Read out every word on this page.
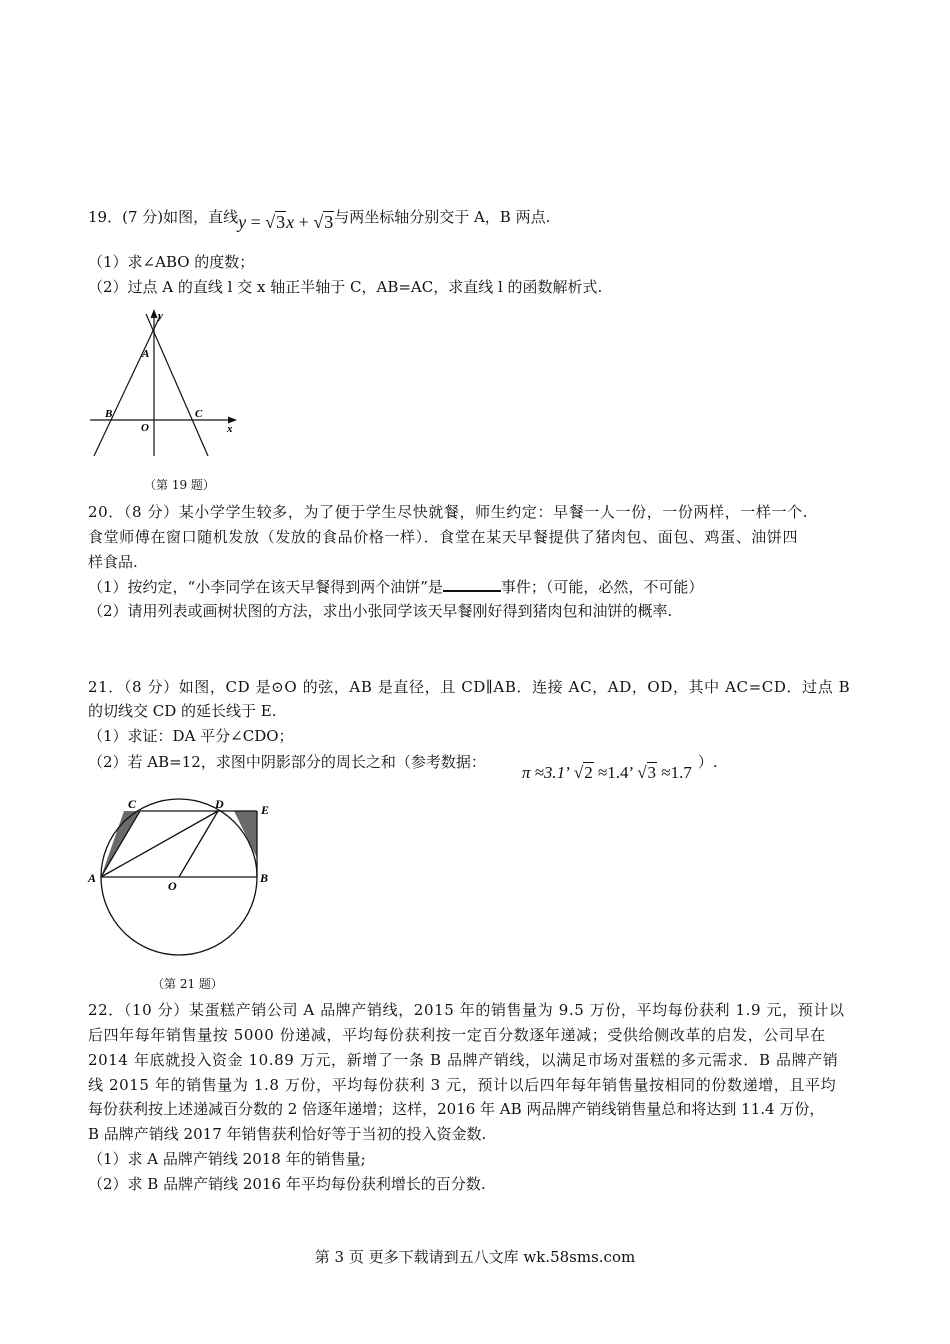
19．(7 分)如图，直线y = √3x + √3与两坐标轴分别交于 A，B 两点.
（1）求∠ABO 的度数；
（2）过点 A 的直线 l 交 x 轴正半轴于 C，AB=AC，求直线 l 的函数解析式.
y
A
B	C
O	x
（第 19 题）
20．（8 分）某小学学生较多，为了便于学生尽快就餐，师生约定：早餐一人一份，一份两样，一样一个.
食堂师傅在窗口随机发放（发放的食品价格一样）．食堂在某天早餐提供了猪肉包、面包、鸡蛋、油饼四
样食品.
（1）按约定，“小李同学在该天早餐得到两个油饼”是	事件；（可能，必然，不可能）
（2）请用列表或画树状图的方法，求出小张同学该天早餐刚好得到猪肉包和油饼的概率.
21．（8 分）如图，CD 是⊙O 的弦，AB 是直径，且 CD∥AB．连接 AC，AD，OD，其中 AC=CD．过点 B
的切线交 CD 的延长线于 E.
（1）求证：DA 平分∠CDO；
（2）若 AB=12，求图中阴影部分的周长之和（参考数据：π ≈3.1’ √2 ≈1.4’ √3 ≈1.7）.
C	D	E
A
O
B
（第 21 题）
22．（10 分）某蛋糕产销公司 A 品牌产销线，2015 年的销售量为 9.5 万份，平均每份获利 1.9 元，预计以
后四年每年销售量按 5000 份递减，平均每份获利按一定百分数逐年递减；受供给侧改革的启发，公司早在
2014 年底就投入资金 10.89 万元，新增了一条 B 品牌产销线，以满足市场对蛋糕的多元需求．B 品牌产销
线 2015 年的销售量为 1.8 万份，平均每份获利 3 元，预计以后四年每年销售量按相同的份数递增，且平均
每份获利按上述递减百分数的 2 倍逐年递增；这样，2016 年 AB 两品牌产销线销售量总和将达到 11.4 万份，
B 品牌产销线 2017 年销售获利恰好等于当初的投入资金数.
（1）求 A 品牌产销线 2018 年的销售量;
（2）求 B 品牌产销线 2016 年平均每份获利增长的百分数.
第 3 页 更多下载请到五八文库 wk.58sms.com
